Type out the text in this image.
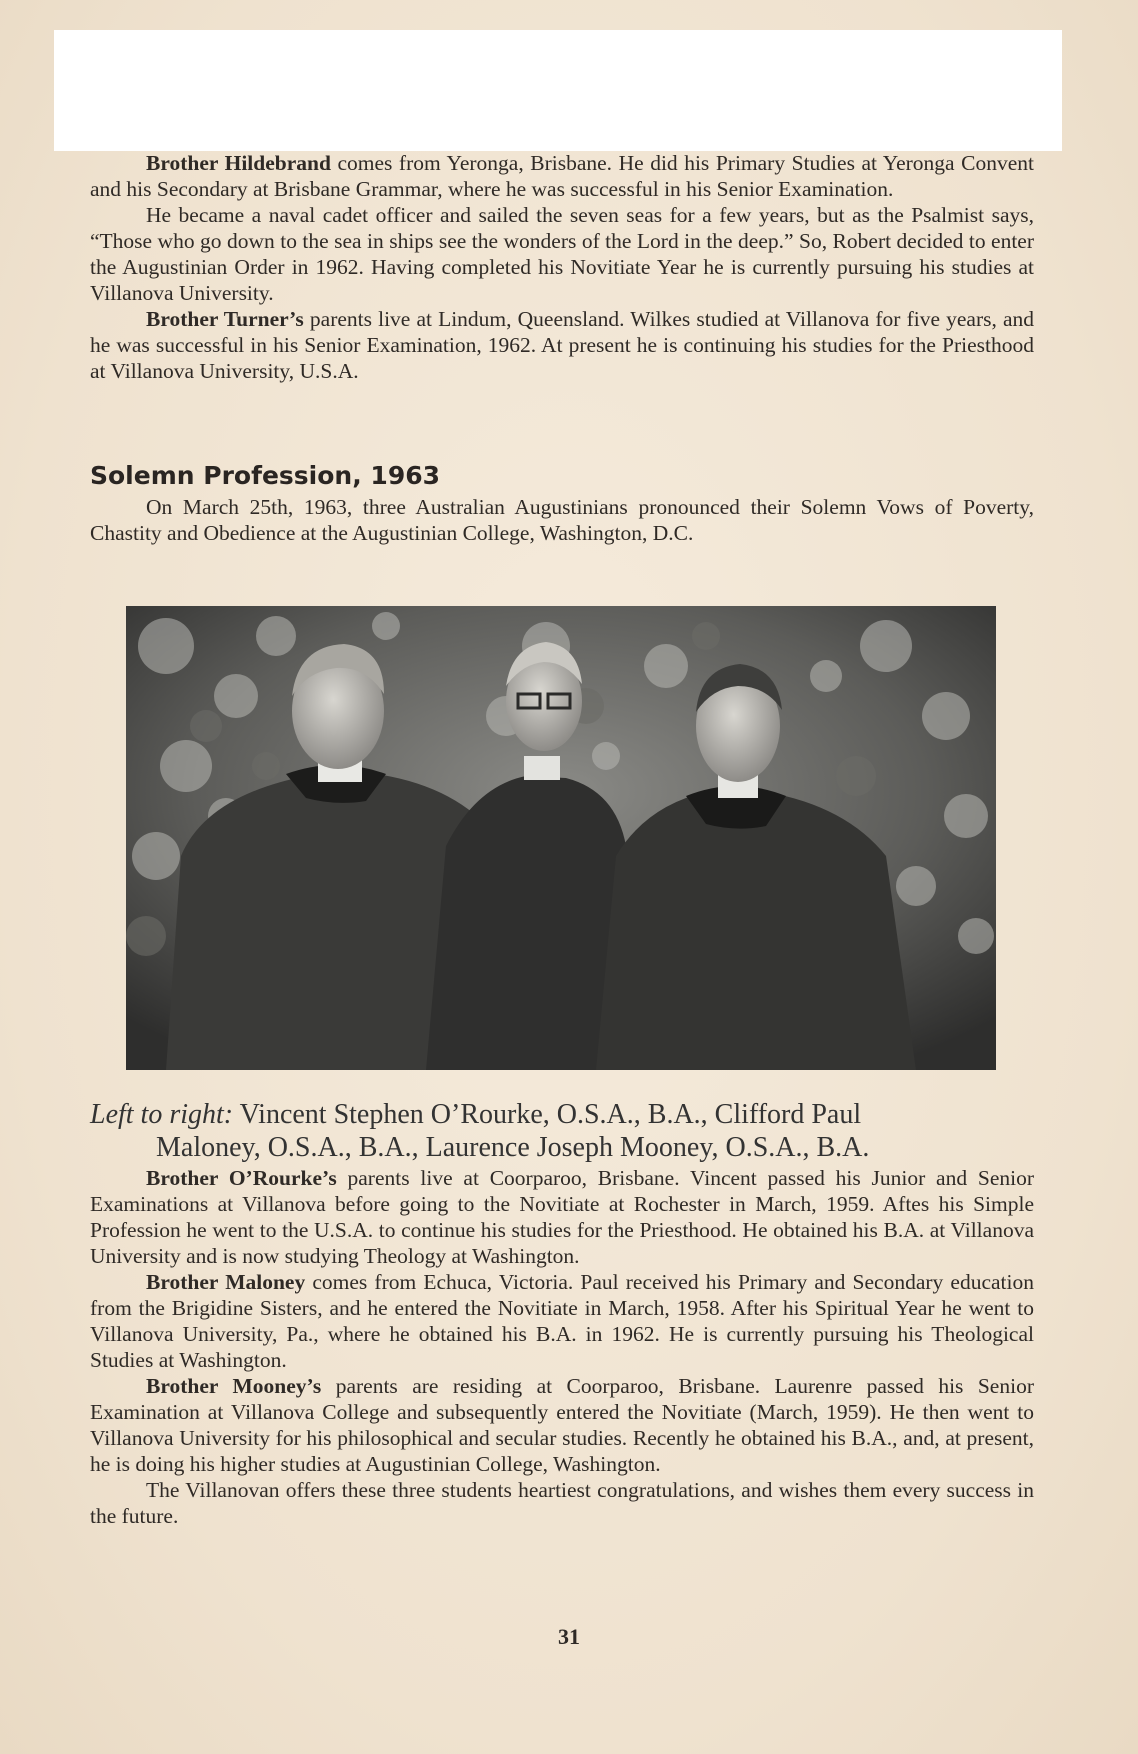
Brother Hildebrand comes from Yeronga, Brisbane. He did his Primary Studies at Yeronga Convent and his Secondary at Brisbane Grammar, where he was successful in his Senior Examination.

He became a naval cadet officer and sailed the seven seas for a few years, but as the Psalmist says, “Those who go down to the sea in ships see the wonders of the Lord in the deep.” So, Robert decided to enter the Augustinian Order in 1962. Having completed his Novitiate Year he is currently pursuing his studies at Villanova University.

Brother Turner’s parents live at Lindum, Queensland. Wilkes studied at Villanova for five years, and he was successful in his Senior Examination, 1962. At present he is continuing his studies for the Priesthood at Villanova University, U.S.A.

Solemn Profession, 1963

On March 25th, 1963, three Australian Augustinians pronounced their Solemn Vows of Poverty, Chastity and Obedience at the Augustinian College, Washington, D.C.

Left to right: Vincent Stephen O’Rourke, O.S.A., B.A., Clifford Paul
Maloney, O.S.A., B.A., Laurence Joseph Mooney, O.S.A., B.A.

Brother O’Rourke’s parents live at Coorparoo, Brisbane. Vincent passed his Junior and Senior Examinations at Villanova before going to the Novitiate at Rochester in March, 1959. Aftes his Simple Profession he went to the U.S.A. to continue his studies for the Priesthood. He obtained his B.A. at Villanova University and is now studying Theology at Washington.

Brother Maloney comes from Echuca, Victoria. Paul received his Primary and Secondary education from the Brigidine Sisters, and he entered the Novitiate in March, 1958. After his Spiritual Year he went to Villanova University, Pa., where he obtained his B.A. in 1962. He is currently pursuing his Theological Studies at Washington.

Brother Mooney’s parents are residing at Coorparoo, Brisbane. Laurenre passed his Senior Examination at Villanova College and subsequently entered the Novitiate (March, 1959). He then went to Villanova University for his philosophical and secular studies. Recently he obtained his B.A., and, at present, he is doing his higher studies at Augustinian College, Washington.

The Villanovan offers these three students heartiest congratulations, and wishes them every success in the future.

31
